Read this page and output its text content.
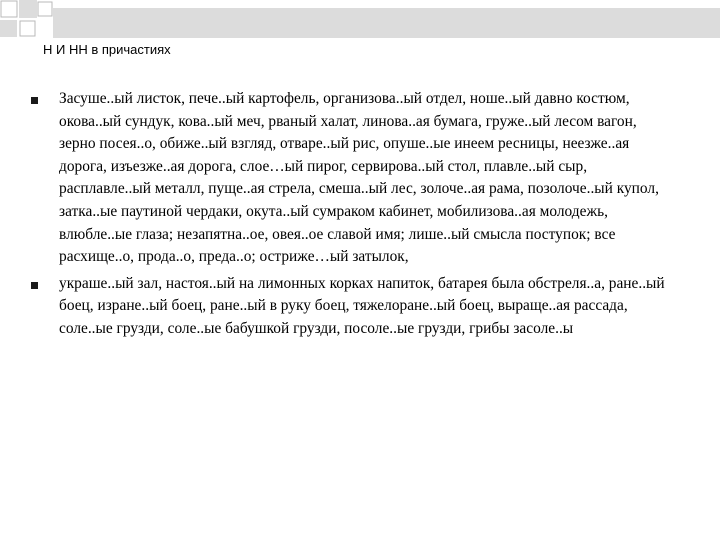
Н И НН в причастиях
Засуше..ый листок, пече..ый картофель, организова..ый отдел, ноше..ый давно костюм, окова..ый сундук, кова..ый меч, рваный халат, линова..ая бумага, груже..ый лесом вагон, зерно посея..о, обиже..ый взгляд, отваре..ый рис, опуше..ые инеем ресницы, неезже..ая дорога, изъезже..ая дорога, слое…ый пирог, сервирова..ый стол, плавле..ый сыр, расплавле..ый металл, пуще..ая стрела, смеша..ый лес, золоче..ая рама, позолоче..ый купол, затка..ые паутиной чердаки, окута..ый сумраком кабинет, мобилизова..ая молодежь, влюбле..ые глаза; незапятна..ое, овея..ое славой имя; лише..ый смысла поступок; все расхище..о, прода..о, преда..о; остриже…ый затылок,
украше..ый зал, настоя..ый на лимонных корках напиток, батарея была обстреля..а, ране..ый боец, изране..ый боец, ране..ый в руку боец, тяжелоране..ый боец, выраще..ая рассада, соле..ые грузди, соле..ые бабушкой грузди, посоле..ые грузди, грибы засоле..ы
